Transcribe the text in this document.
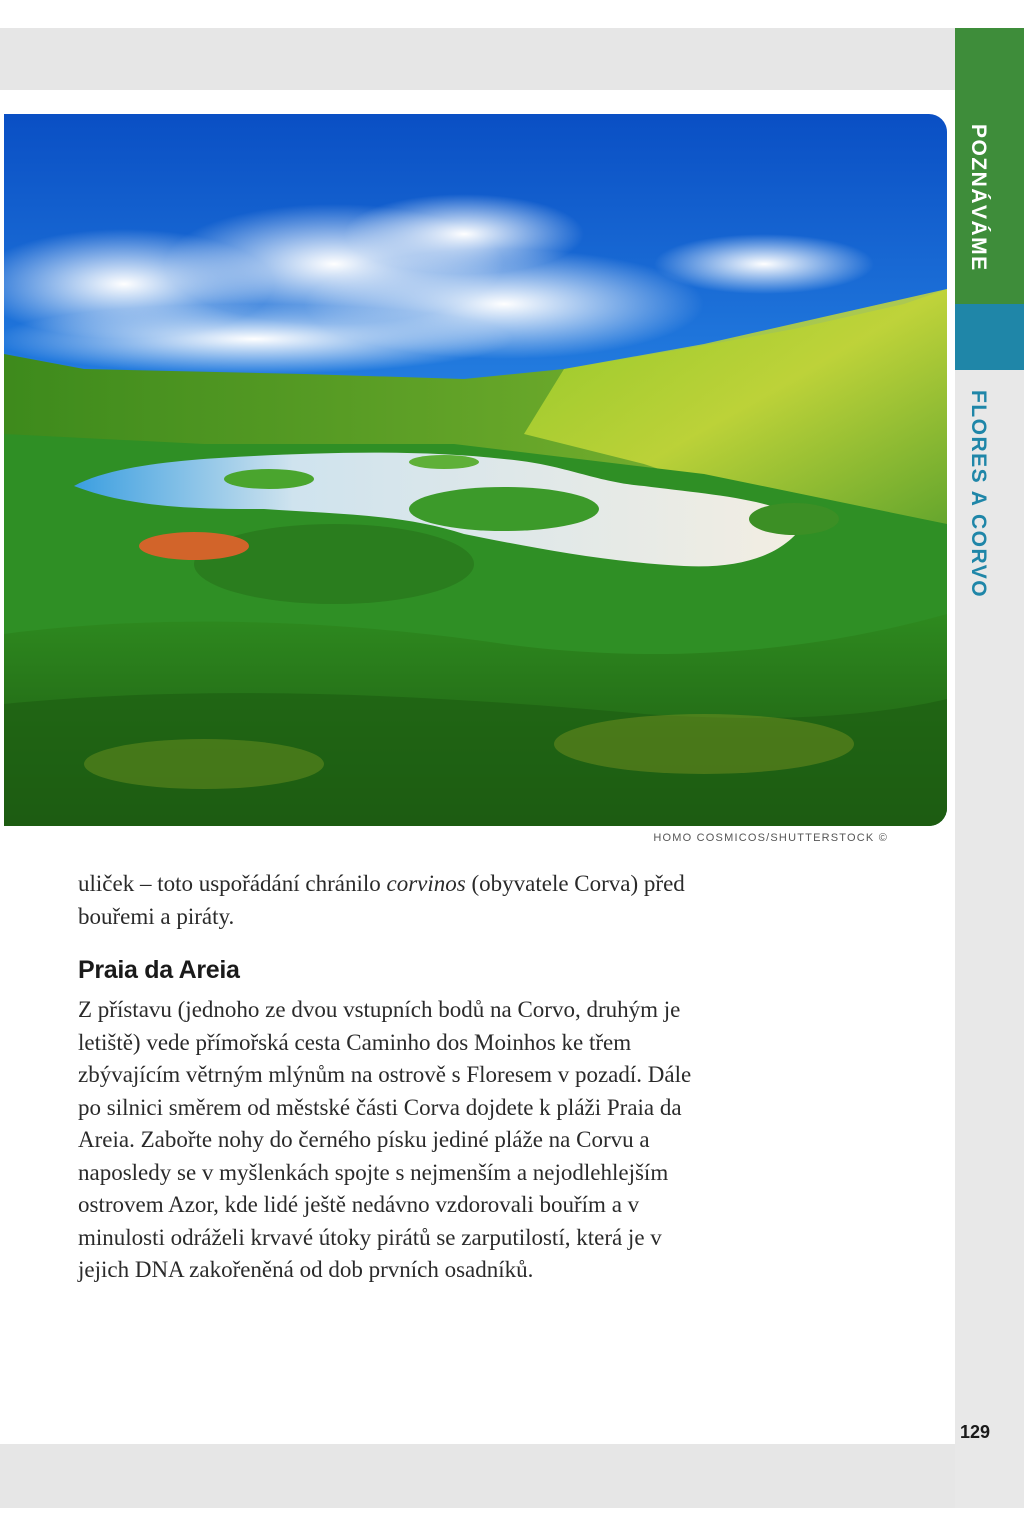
POZNÁVÁME
FLORES A CORVO
HOMO COSMICOS/SHUTTERSTOCK ©
uliček – toto uspořádání chránilo corvinos (obyvatele Corva) před bouřemi a piráty.
Praia da Areia
Z přístavu (jednoho ze dvou vstupních bodů na Corvo, druhým je letiště) vede přímořská cesta Caminho dos Moinhos ke třem zbývajícím větrným mlýnům na ostrově s Floresem v pozadí. Dále po silnici směrem od městské části Corva dojdete k pláži Praia da Areia. Zabořte nohy do černého písku jediné pláže na Corvu a naposledy se v myšlenkách spojte s nejmenším a nejodlehlejším ostrovem Azor, kde lidé ještě nedávno vzdorovali bouřím a v minulosti odráželi krvavé útoky pirátů se zarputilostí, která je v jejich DNA zakořeněná od dob prvních osadníků.
129
